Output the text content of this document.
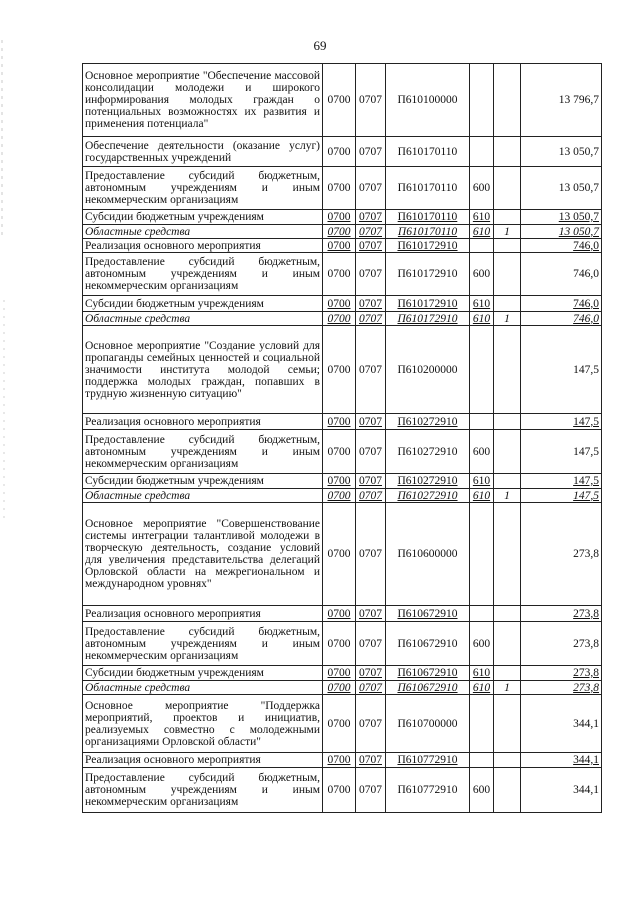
69
Основное мероприятие "Обеспечение массовой консолидации молодежи и широкого информирования молодых граждан о потенциальных возможностях их развития и применения потенциала"	0700	0707	П610100000			13 796,7
Обеспечение деятельности (оказание услуг) государственных учреждений	0700	0707	П610170110			13 050,7
Предоставление субсидий бюджетным, автономным учреждениям и иным некоммерческим организациям	0700	0707	П610170110	600		13 050,7
Субсидии бюджетным учреждениям	0700	0707	П610170110	610		13 050,7
Областные средства	0700	0707	П610170110	610	1	13 050,7
Реализация основного мероприятия	0700	0707	П610172910			746,0
Предоставление субсидий бюджетным, автономным учреждениям и иным некоммерческим организациям	0700	0707	П610172910	600		746,0
Субсидии бюджетным учреждениям	0700	0707	П610172910	610		746,0
Областные средства	0700	0707	П610172910	610	1	746,0
Основное мероприятие "Создание условий для пропаганды семейных ценностей и социальной значимости института молодой семьи; поддержка молодых граждан, попавших в трудную жизненную ситуацию"	0700	0707	П610200000			147,5
Реализация основного мероприятия	0700	0707	П610272910			147,5
Предоставление субсидий бюджетным, автономным учреждениям и иным некоммерческим организациям	0700	0707	П610272910	600		147,5
Субсидии бюджетным учреждениям	0700	0707	П610272910	610		147,5
Областные средства	0700	0707	П610272910	610	1	147,5
Основное мероприятие "Совершенствование системы интеграции талантливой молодежи в творческую деятельность, создание условий для увеличения представительства делегаций Орловской области на межрегиональном и международном уровнях"	0700	0707	П610600000			273,8
Реализация основного мероприятия	0700	0707	П610672910			273,8
Предоставление субсидий бюджетным, автономным учреждениям и иным некоммерческим организациям	0700	0707	П610672910	600		273,8
Субсидии бюджетным учреждениям	0700	0707	П610672910	610		273,8
Областные средства	0700	0707	П610672910	610	1	273,8
Основное мероприятие "Поддержка мероприятий, проектов и инициатив, реализуемых совместно с молодежными организациями Орловской области"	0700	0707	П610700000			344,1
Реализация основного мероприятия	0700	0707	П610772910			344,1
Предоставление субсидий бюджетным, автономным учреждениям и иным некоммерческим организациям	0700	0707	П610772910	600		344,1
